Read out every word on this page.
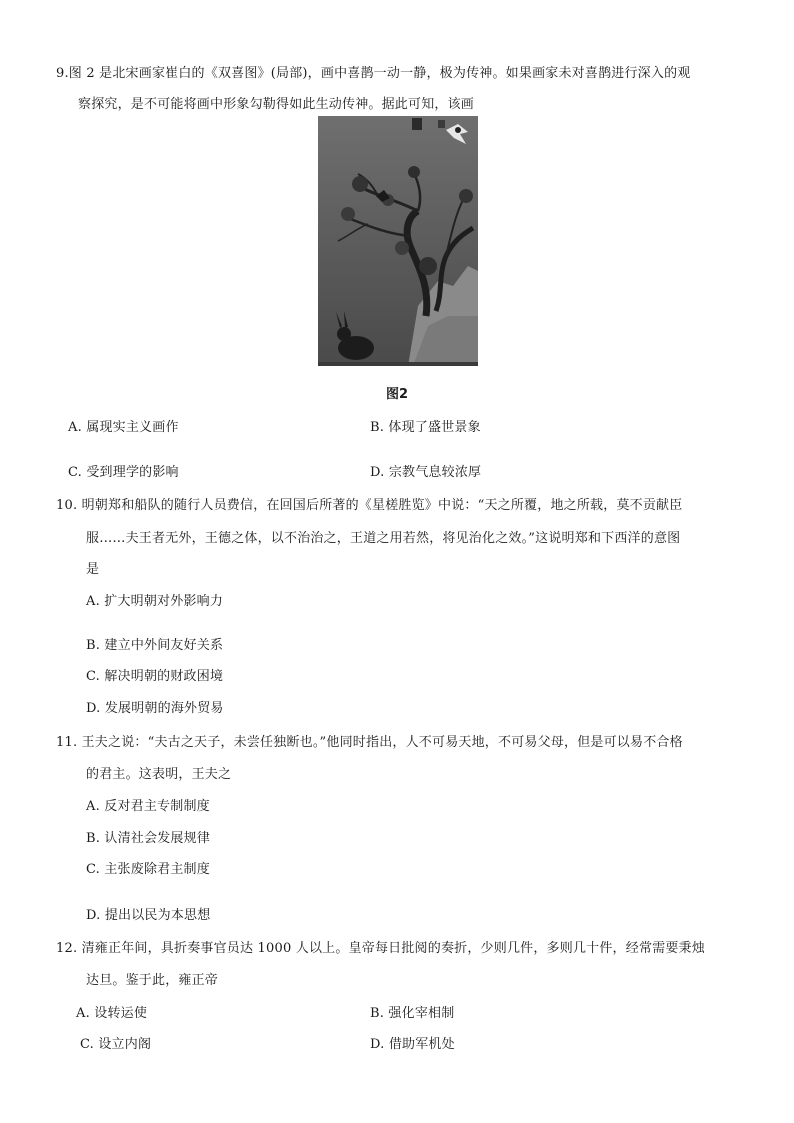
9.图 2 是北宋画家崔白的《双喜图》(局部)，画中喜鹊一动一静，极为传神。如果画家未对喜鹊进行深入的观
察探究，是不可能将画中形象勾勒得如此生动传神。据此可知，该画
图2
A. 属现实主义画作	B. 体现了盛世景象
C. 受到理学的影响	D. 宗教气息较浓厚
10. 明朝郑和船队的随行人员费信，在回国后所著的《星槎胜览》中说：“天之所覆，地之所载，莫不贡献臣
服……夫王者无外，王德之体，以不治治之，王道之用若然，将见治化之效。”这说明郑和下西洋的意图
是
A. 扩大明朝对外影响力
B. 建立中外间友好关系
C. 解决明朝的财政困境
D. 发展明朝的海外贸易
11. 王夫之说：“夫古之天子，未尝任独断也。”他同时指出，人不可易天地，不可易父母，但是可以易不合格
的君主。这表明，王夫之
A. 反对君主专制制度
B. 认清社会发展规律
C. 主张废除君主制度
D. 提出以民为本思想
12. 清雍正年间，具折奏事官员达 1000 人以上。皇帝每日批阅的奏折，少则几件，多则几十件，经常需要秉烛
达旦。鉴于此，雍正帝
A. 设转运使	B. 强化宰相制
C. 设立内阁	D. 借助军机处
